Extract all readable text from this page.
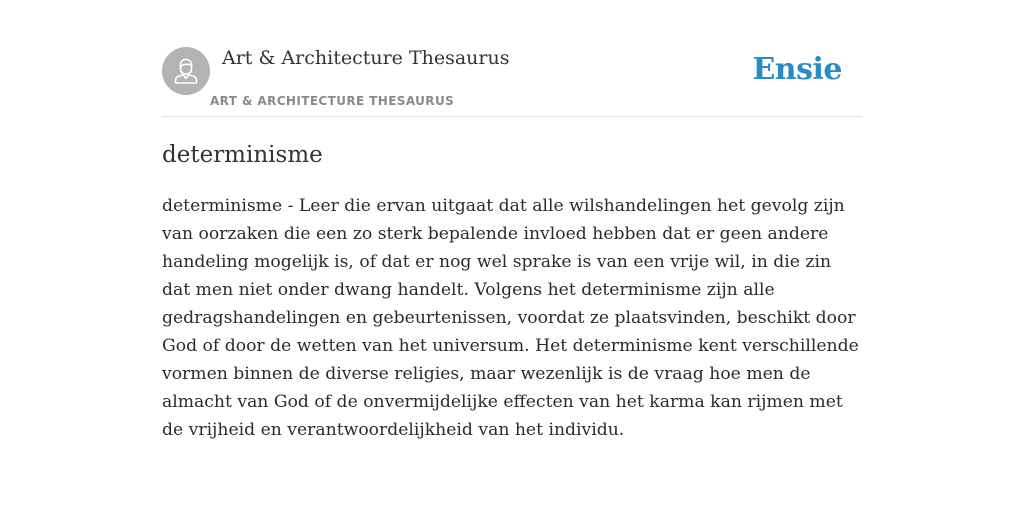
Art & Architecture Thesaurus
ART & ARCHITECTURE THESAURUS
Ensie
determinisme

determinisme - Leer die ervan uitgaat dat alle wilshandelingen het gevolg zijn van oorzaken die een zo sterk bepalende invloed hebben dat er geen andere handeling mogelijk is, of dat er nog wel sprake is van een vrije wil, in die zin dat men niet onder dwang handelt. Volgens het determinisme zijn alle gedragshandelingen en gebeurtenissen, voordat ze plaatsvinden, beschikt door God of door de wetten van het universum. Het determinisme kent verschillende vormen binnen de diverse religies, maar wezenlijk is de vraag hoe men de almacht van God of de onvermijdelijke effecten van het karma kan rijmen met de vrijheid en verantwoordelijkheid van het individu.
